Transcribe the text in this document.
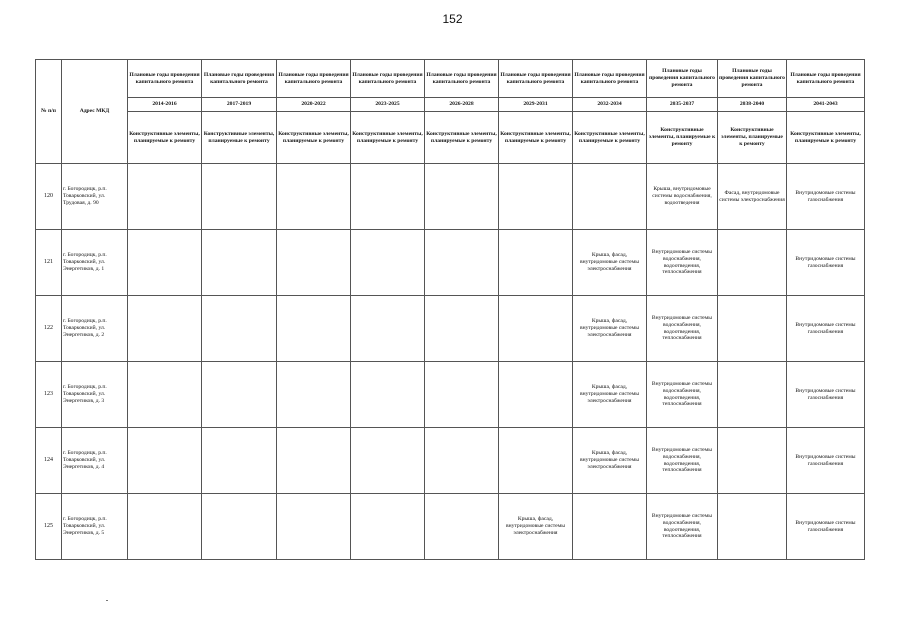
152
№ п/п	Адрес МКД	Плановые годы проведения капитального ремонта	Плановые годы проведения капитального ремонта	Плановые годы проведения капитального ремонта	Плановые годы проведения капитального ремонта	Плановые годы проведения капитального ремонта	Плановые годы проведения капитального ремонта	Плановые годы проведения капитального ремонта	Плановые годы проведения капитального ремонта	Плановые годы проведения капитального ремонта	Плановые годы проведения капитального ремонта
		2014-2016	2017-2019	2020-2022	2023-2025	2026-2028	2029-2031	2032-2034	2035-2037	2038-2040	2041-2043
		Конструктивные элементы, планируемые к ремонту	Конструктивные элементы, планируемые к ремонту	Конструктивные элементы, планируемые к ремонту	Конструктивные элементы, планируемые к ремонту	Конструктивные элементы, планируемые к ремонту	Конструктивные элементы, планируемые к ремонту	Конструктивные элементы, планируемые к ремонту	Конструктивные элементы, планируемые к ремонту	Конструктивные элементы, планируемые к ремонту	Конструктивные элементы, планируемые к ремонту
120	г. Богородицк, р.п. Товарковский, ул. Трудовая, д. 90								Крыша, внутридомовые системы водоснабжения, водоотведения	Фасад, внутридомовые системы электроснабжения	Внутридомовые системы газоснабжения
121	г. Богородицк, р.п. Товарковский, ул. Энергетиков, д. 1							Крыша, фасад, внутридомовые системы электроснабжения	Внутридомовые системы водоснабжения, водоотведения, теплоснабжения		Внутридомовые системы газоснабжения
122	г. Богородицк, р.п. Товарковский, ул. Энергетиков, д. 2							Крыша, фасад, внутридомовые системы электроснабжения	Внутридомовые системы водоснабжения, водоотведения, теплоснабжения		Внутридомовые системы газоснабжения
123	г. Богородицк, р.п. Товарковский, ул. Энергетиков, д. 3							Крыша, фасад, внутридомовые системы электроснабжения	Внутридомовые системы водоснабжения, водоотведения, теплоснабжения		Внутридомовые системы газоснабжения
124	г. Богородицк, р.п. Товарковский, ул. Энергетиков, д. 4							Крыша, фасад, внутридомовые системы электроснабжения	Внутридомовые системы водоснабжения, водоотведения, теплоснабжения		Внутридомовые системы газоснабжения
125	г. Богородицк, р.п. Товарковский, ул. Энергетиков, д. 5						Крыша, фасад, внутридомовые системы электроснабжения		Внутридомовые системы водоснабжения, водоотведения, теплоснабжения		Внутридомовые системы газоснабжения
